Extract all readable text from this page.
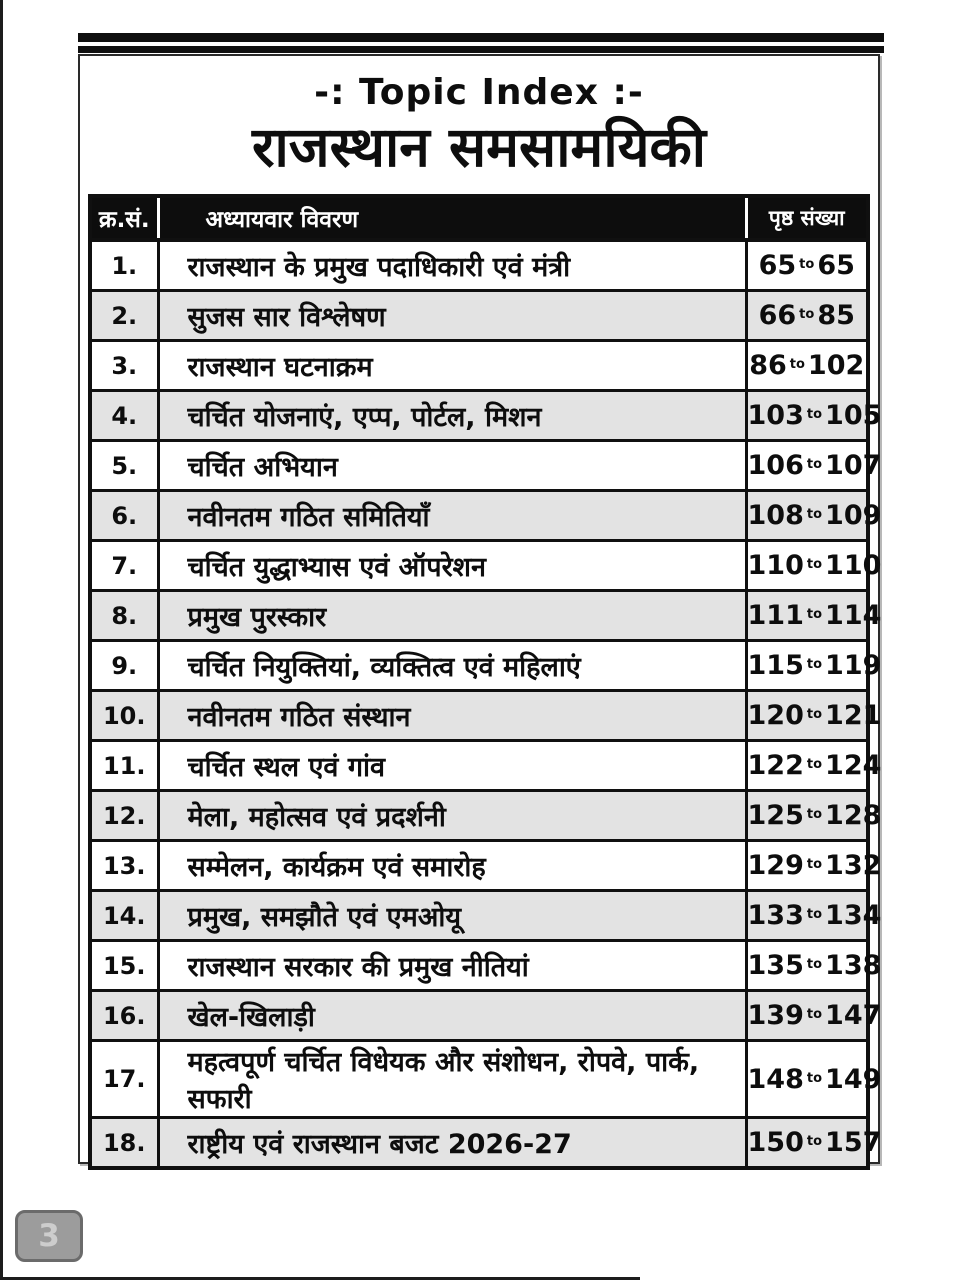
-: Topic Index :-
राजस्थान समसामयिकी
क्र.सं.	अध्यायवार विवरण	पृष्ठ संख्या
1.	राजस्थान के प्रमुख पदाधिकारी एवं मंत्री	65 $^{to}$ 65
2.	सुजस सार विश्लेषण	66 $^{to}$ 85
3.	राजस्थान घटनाक्रम	86 $^{to}$ 102
4.	चर्चित योजनाएं, एप्प, पोर्टल, मिशन	103 $^{to}$ 105
5.	चर्चित अभियान	106 $^{to}$ 107
6.	नवीनतम गठित समितियाँ	108 $^{to}$ 109
7.	चर्चित युद्धाभ्यास एवं ऑपरेशन	110 $^{to}$ 110
8.	प्रमुख पुरस्कार	111 $^{to}$ 114
9.	चर्चित नियुक्तियां, व्यक्तित्व एवं महिलाएं	115 $^{to}$ 119
10.	नवीनतम गठित संस्थान	120 $^{to}$ 121
11.	चर्चित स्थल एवं गांव	122 $^{to}$ 124
12.	मेला, महोत्सव एवं प्रदर्शनी	125 $^{to}$ 128
13.	सम्मेलन, कार्यक्रम एवं समारोह	129 $^{to}$ 132
14.	प्रमुख, समझौते एवं एमओयू	133 $^{to}$ 134
15.	राजस्थान सरकार की प्रमुख नीतियां	135 $^{to}$ 138
16.	खेल-खिलाड़ी	139 $^{to}$ 147
17.	महत्वपूर्ण चर्चित विधेयक और संशोधन, रोपवे, पार्क, सफारी	148 $^{to}$ 149
18.	राष्ट्रीय एवं राजस्थान बजट 2026-27	150 $^{to}$ 157
3
